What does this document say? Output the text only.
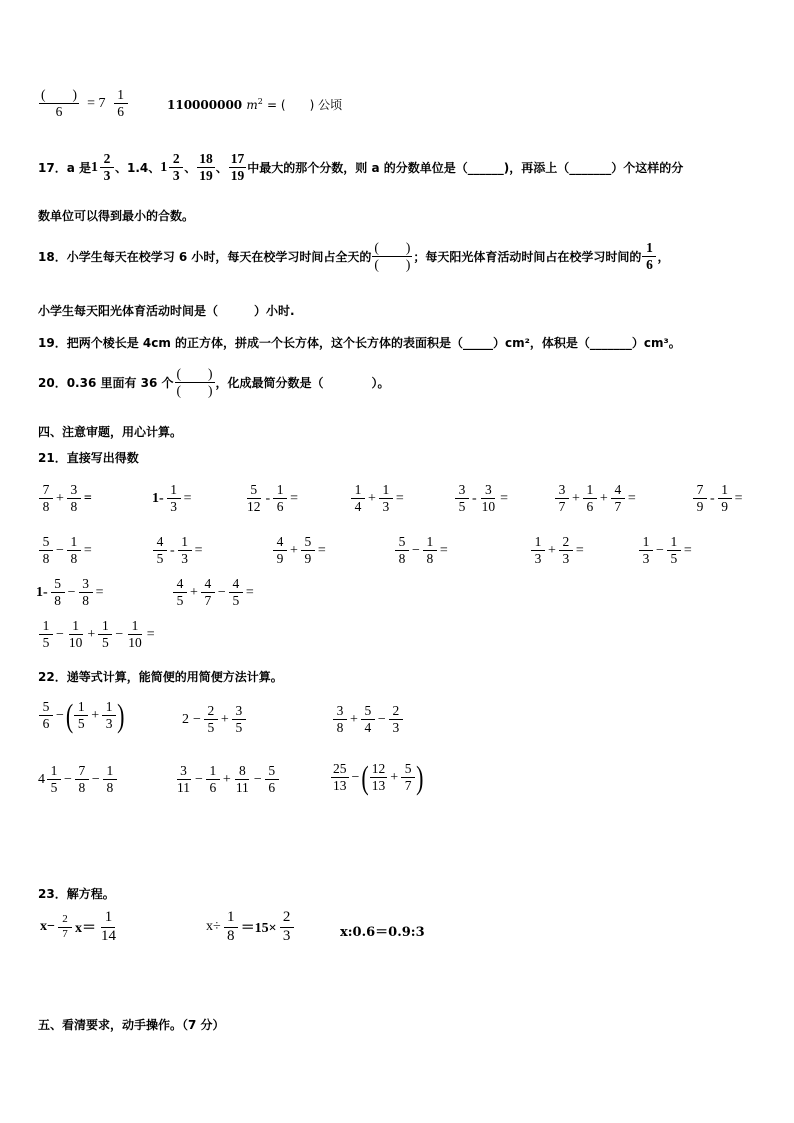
$\frac{( )}{6} = 7 \frac{1}{6}$	110000000 $m^2$ = (　　) 公顷
17．a 是 $1 \frac{2}{3}$ 、1.4、 $1 \frac{2}{3}$ 、 $\frac{18}{19}$ 、 $\frac{17}{19}$ 中最大的那个分数，则 a 的分数单位是（______)，再添上（_______）个这样的分
数单位可以得到最小的合数。
18．小学生每天在校学习 6 小时，每天在校学习时间占全天的 $\frac{( )}{( )}$ ；每天阳光体育活动时间占在校学习时间的 $\frac{1}{6}$ ，
小学生每天阳光体育活动时间是（　　　）小时.
19．把两个棱长是 4cm 的正方体，拼成一个长方体，这个长方体的表面积是（_____）cm²，体积是（_______）cm³。
20．0.36 里面有 36 个 $\frac{( )}{( )}$ ，化成最简分数是（　　　　）。
四、注意审题，用心计算。
21．直接写出得数
$\frac{7}{8} + \frac{3}{8}$ =	$1- \frac{1}{3}$ =	$\frac{5}{12} - \frac{1}{6}$ =	$\frac{1}{4} + \frac{1}{3}$ =	$\frac{3}{5} - \frac{3}{10}$ =	$\frac{3}{7} + \frac{1}{6} + \frac{4}{7}$ =	$\frac{7}{9} - \frac{1}{9}$ =
$\frac{5}{8} - \frac{1}{8}$ =	$\frac{4}{5} - \frac{1}{3}$ =	$\frac{4}{9} + \frac{5}{9}$ =	$\frac{5}{8} - \frac{1}{8}$ =	$\frac{1}{3} + \frac{2}{3}$ =	$\frac{1}{3} - \frac{1}{5}$ =
$1- \frac{5}{8} - \frac{3}{8}$ =	$\frac{4}{5} + \frac{4}{7} - \frac{4}{5}$ =
$\frac{1}{5} - \frac{1}{10} + \frac{1}{5} - \frac{1}{10}$ =
22．递等式计算，能简便的用简便方法计算。
$\frac{5}{6}$ − ( $\frac{1}{5} + \frac{1}{3}$ )	$2 - \frac{2}{5} + \frac{3}{5}$	$\frac{3}{8} + \frac{5}{4} - \frac{2}{3}$
$4 \frac{1}{5} - \frac{7}{8} - \frac{1}{8}$	$\frac{3}{11} - \frac{1}{6} + \frac{8}{11} - \frac{5}{6}$	$\frac{25}{13}$ − ( $\frac{12}{13} + \frac{5}{7}$ )
23．解方程。
$x- \frac{2}{7} x= \frac{1}{14}$	$x\div \frac{1}{8} =15\times \frac{2}{3}$	x:0.6＝0.9:3
五、看清要求，动手操作。（7 分）
